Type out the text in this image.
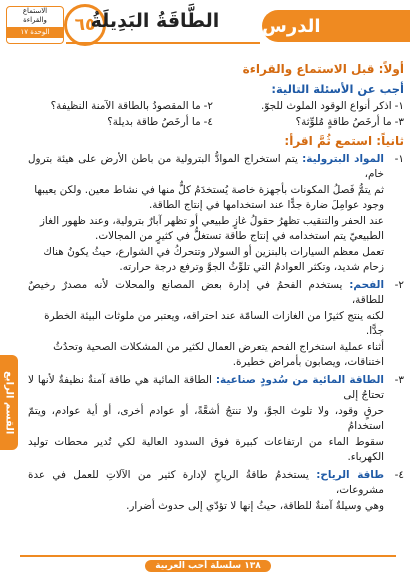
الدرس
٦٥
الطَّاقَةُ البَدِيلَةُ
الاستماع
والقراءة
الوحدة ١٧
أولاً: قبل الاستماع والقراءة
أجب عن الأسئلة التالية:
١-اذكر أنواع الوقود الملوث للجوّ.
٢-ما المقصودُ بالطاقة الآمنة النظيفة؟
٣-ما أرخَصُ طاقةٍ مُلوِّثة؟
٤-ما أرخَصُ طاقة بديلة؟
ثانياً: استمع ثُمَّ اقرأ:
١-

المواد البترولية: يتم استخراج الموادُّ البترولية من باطن الأرض على هيئة بترول خام،

ثم يتمُّ فَصلُ المكونات بأجهزة خاصة يُستخدَمُ كلٌّ منها في نشاط معين. ولكن يعيبها

وجود عوامِلَ ضارة جدًّا عند استخدامها في إنتاج الطاقة.

عند الحفر والتنقيب تظهرُ حقولُ غازٍ طبيعي أو تظهر آبارٌ بترولية، وعند ظهور الغاز

الطبيعيّ يتم استخدامه في إنتاج طاقة تستغلُّ في كثيرٍ من المجالات.

تعمل معظم السيارات بالبنزين أو السولار وتتحركُ في الشوارع، حيثُ يكونُ هناك

زحام شديد، وتكثر العوادمُ التي تلوِّثُ الجوَّ وترفع درجة حرارته.

٢-

الفحم: يستخدم الفحمُ في إدارة بعض المصانع والمحلات لأنه مصدرٌ رخيصٌ للطاقة،

لكنه ينتج كثيرًا من الغازات السامّة عند احتراقه، ويعتبر من ملوثات البيئة الخطرة

جدًّا.

أثناء عملية استخراج الفحم يتعرض العمال لكثير من المشكلات الصحية وتحدُثُ

اختناقات، ويصابون بأمراض خطيرة.

٣-

الطاقة المائية من سُدودٍ صناعية: الطاقة المائية هي طاقة آمنةٌ نظيفةٌ لأنها لا تحتاجُ إلى

حرقٍ وقود، ولا تلوث الجوَّ، ولا تنتجُ أشعَّةً، أو عوادم أخرى، أو أية عوادم، ويتمّ استخدامُ

سقوط الماء من ارتفاعات كبيرة فوق السدود العالية لكي تُدير محطات توليد الكهرباء.

٤-

طاقة الرياح: يستخدمُ طاقةُ الرياحِ لإدارة كثير من الآلاتِ للعمل في عدة مشروعات،

وهي وسيلةٌ آمنةٌ للطاقة، حيثُ إنها لا تؤدّي إلى حدوث أضرار.

القسم الرابع
١٣٨ سلسلة أحب العربية
